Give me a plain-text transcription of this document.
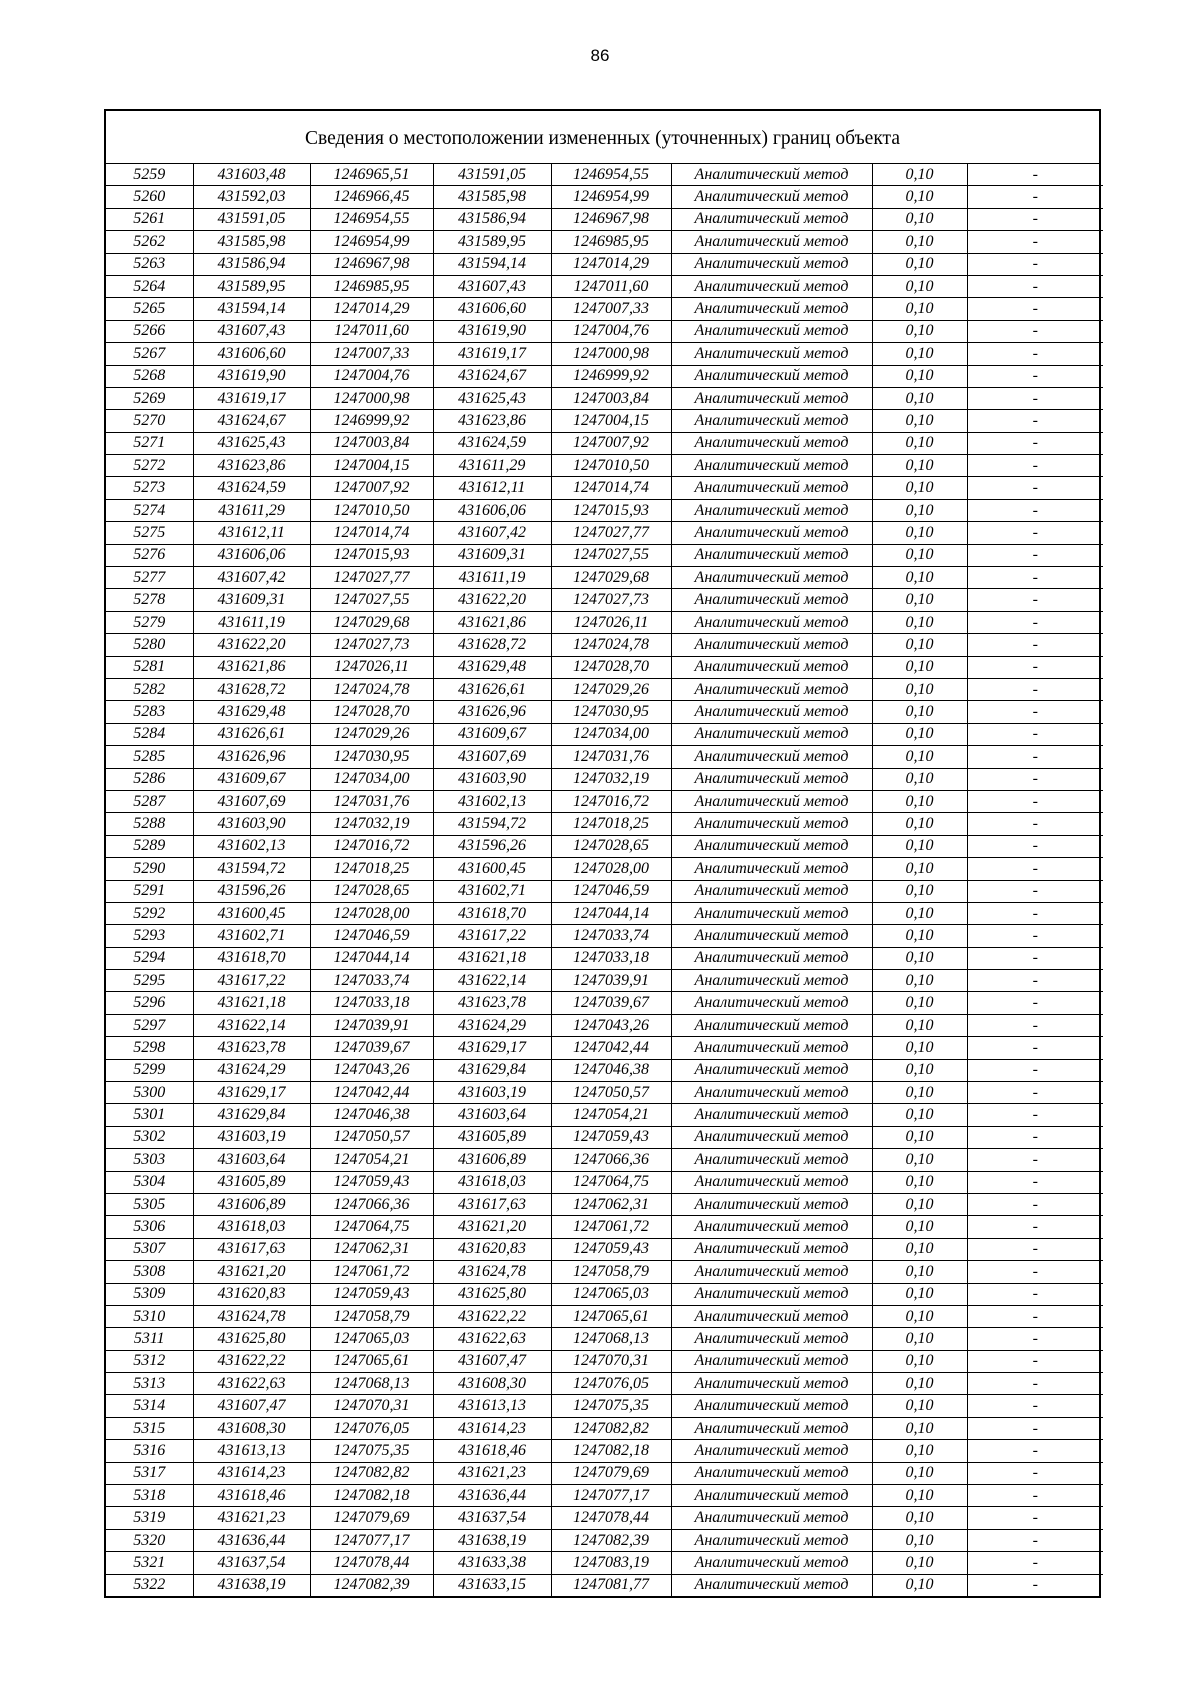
86
Сведения о местоположении измененных (уточненных) границ объекта
5259	431603,48	1246965,51	431591,05	1246954,55	Аналитический метод	0,10	-
5260	431592,03	1246966,45	431585,98	1246954,99	Аналитический метод	0,10	-
5261	431591,05	1246954,55	431586,94	1246967,98	Аналитический метод	0,10	-
5262	431585,98	1246954,99	431589,95	1246985,95	Аналитический метод	0,10	-
5263	431586,94	1246967,98	431594,14	1247014,29	Аналитический метод	0,10	-
5264	431589,95	1246985,95	431607,43	1247011,60	Аналитический метод	0,10	-
5265	431594,14	1247014,29	431606,60	1247007,33	Аналитический метод	0,10	-
5266	431607,43	1247011,60	431619,90	1247004,76	Аналитический метод	0,10	-
5267	431606,60	1247007,33	431619,17	1247000,98	Аналитический метод	0,10	-
5268	431619,90	1247004,76	431624,67	1246999,92	Аналитический метод	0,10	-
5269	431619,17	1247000,98	431625,43	1247003,84	Аналитический метод	0,10	-
5270	431624,67	1246999,92	431623,86	1247004,15	Аналитический метод	0,10	-
5271	431625,43	1247003,84	431624,59	1247007,92	Аналитический метод	0,10	-
5272	431623,86	1247004,15	431611,29	1247010,50	Аналитический метод	0,10	-
5273	431624,59	1247007,92	431612,11	1247014,74	Аналитический метод	0,10	-
5274	431611,29	1247010,50	431606,06	1247015,93	Аналитический метод	0,10	-
5275	431612,11	1247014,74	431607,42	1247027,77	Аналитический метод	0,10	-
5276	431606,06	1247015,93	431609,31	1247027,55	Аналитический метод	0,10	-
5277	431607,42	1247027,77	431611,19	1247029,68	Аналитический метод	0,10	-
5278	431609,31	1247027,55	431622,20	1247027,73	Аналитический метод	0,10	-
5279	431611,19	1247029,68	431621,86	1247026,11	Аналитический метод	0,10	-
5280	431622,20	1247027,73	431628,72	1247024,78	Аналитический метод	0,10	-
5281	431621,86	1247026,11	431629,48	1247028,70	Аналитический метод	0,10	-
5282	431628,72	1247024,78	431626,61	1247029,26	Аналитический метод	0,10	-
5283	431629,48	1247028,70	431626,96	1247030,95	Аналитический метод	0,10	-
5284	431626,61	1247029,26	431609,67	1247034,00	Аналитический метод	0,10	-
5285	431626,96	1247030,95	431607,69	1247031,76	Аналитический метод	0,10	-
5286	431609,67	1247034,00	431603,90	1247032,19	Аналитический метод	0,10	-
5287	431607,69	1247031,76	431602,13	1247016,72	Аналитический метод	0,10	-
5288	431603,90	1247032,19	431594,72	1247018,25	Аналитический метод	0,10	-
5289	431602,13	1247016,72	431596,26	1247028,65	Аналитический метод	0,10	-
5290	431594,72	1247018,25	431600,45	1247028,00	Аналитический метод	0,10	-
5291	431596,26	1247028,65	431602,71	1247046,59	Аналитический метод	0,10	-
5292	431600,45	1247028,00	431618,70	1247044,14	Аналитический метод	0,10	-
5293	431602,71	1247046,59	431617,22	1247033,74	Аналитический метод	0,10	-
5294	431618,70	1247044,14	431621,18	1247033,18	Аналитический метод	0,10	-
5295	431617,22	1247033,74	431622,14	1247039,91	Аналитический метод	0,10	-
5296	431621,18	1247033,18	431623,78	1247039,67	Аналитический метод	0,10	-
5297	431622,14	1247039,91	431624,29	1247043,26	Аналитический метод	0,10	-
5298	431623,78	1247039,67	431629,17	1247042,44	Аналитический метод	0,10	-
5299	431624,29	1247043,26	431629,84	1247046,38	Аналитический метод	0,10	-
5300	431629,17	1247042,44	431603,19	1247050,57	Аналитический метод	0,10	-
5301	431629,84	1247046,38	431603,64	1247054,21	Аналитический метод	0,10	-
5302	431603,19	1247050,57	431605,89	1247059,43	Аналитический метод	0,10	-
5303	431603,64	1247054,21	431606,89	1247066,36	Аналитический метод	0,10	-
5304	431605,89	1247059,43	431618,03	1247064,75	Аналитический метод	0,10	-
5305	431606,89	1247066,36	431617,63	1247062,31	Аналитический метод	0,10	-
5306	431618,03	1247064,75	431621,20	1247061,72	Аналитический метод	0,10	-
5307	431617,63	1247062,31	431620,83	1247059,43	Аналитический метод	0,10	-
5308	431621,20	1247061,72	431624,78	1247058,79	Аналитический метод	0,10	-
5309	431620,83	1247059,43	431625,80	1247065,03	Аналитический метод	0,10	-
5310	431624,78	1247058,79	431622,22	1247065,61	Аналитический метод	0,10	-
5311	431625,80	1247065,03	431622,63	1247068,13	Аналитический метод	0,10	-
5312	431622,22	1247065,61	431607,47	1247070,31	Аналитический метод	0,10	-
5313	431622,63	1247068,13	431608,30	1247076,05	Аналитический метод	0,10	-
5314	431607,47	1247070,31	431613,13	1247075,35	Аналитический метод	0,10	-
5315	431608,30	1247076,05	431614,23	1247082,82	Аналитический метод	0,10	-
5316	431613,13	1247075,35	431618,46	1247082,18	Аналитический метод	0,10	-
5317	431614,23	1247082,82	431621,23	1247079,69	Аналитический метод	0,10	-
5318	431618,46	1247082,18	431636,44	1247077,17	Аналитический метод	0,10	-
5319	431621,23	1247079,69	431637,54	1247078,44	Аналитический метод	0,10	-
5320	431636,44	1247077,17	431638,19	1247082,39	Аналитический метод	0,10	-
5321	431637,54	1247078,44	431633,38	1247083,19	Аналитический метод	0,10	-
5322	431638,19	1247082,39	431633,15	1247081,77	Аналитический метод	0,10	-
